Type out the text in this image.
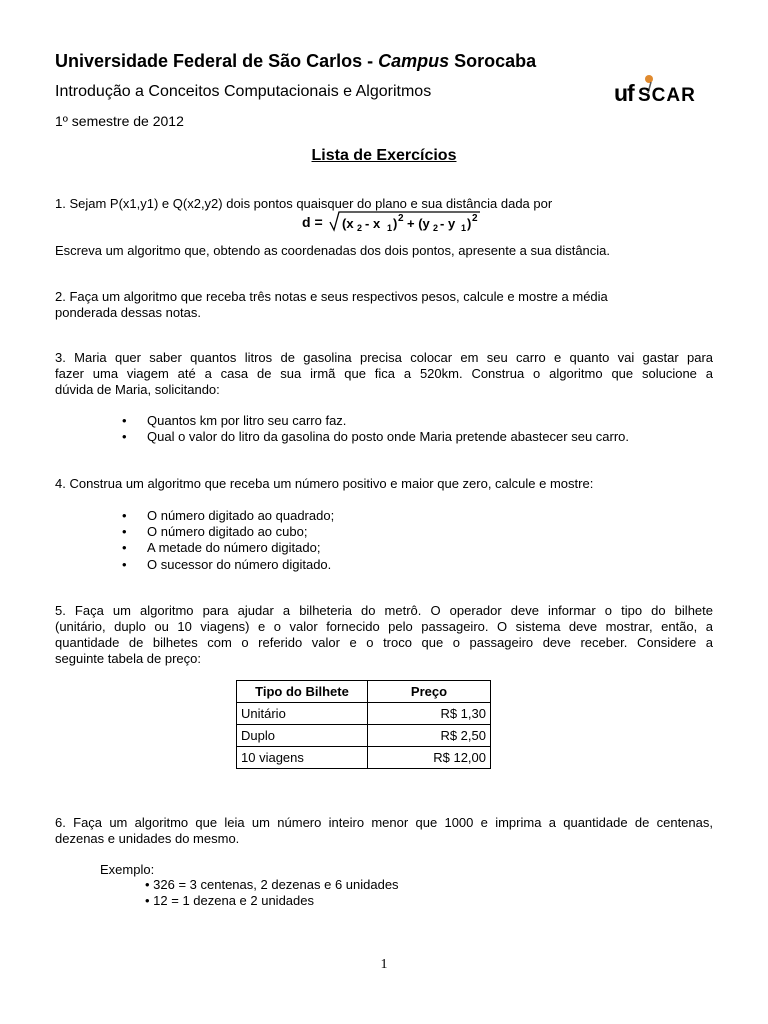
Universidade Federal de São Carlos - Campus Sorocaba
Introdução a Conceitos Computacionais e Algoritmos
1º semestre de 2012
uf SCAR
Lista de Exercícios
1. Sejam P(x1,y1) e Q(x2,y2) dois pontos quaisquer do plano e sua distância dada por
d = (x 2 - x 1 ) 2 + (y 2 - y 1 ) 2
Escreva um algoritmo que, obtendo as coordenadas dos dois pontos, apresente a sua distância.
2. Faça um algoritmo que receba três notas e seus respectivos pesos, calcule e mostre a média
ponderada dessas notas.
3. Maria quer saber quantos litros de gasolina precisa colocar em seu carro e quanto vai gastar para
fazer uma viagem até a casa de sua irmã que fica a 520km. Construa o algoritmo que solucione a
dúvida de Maria, solicitando:
• Quantos km por litro seu carro faz.
• Qual o valor do litro da gasolina do posto onde Maria pretende abastecer seu carro.
4. Construa um algoritmo que receba um número positivo e maior que zero, calcule e mostre:
• O número digitado ao quadrado;
• O número digitado ao cubo;
• A metade do número digitado;
• O sucessor do número digitado.
5. Faça um algoritmo para ajudar a bilheteria do metrô. O operador deve informar o tipo do bilhete
(unitário, duplo ou 10 viagens) e o valor fornecido pelo passageiro. O sistema deve mostrar, então, a
quantidade de bilhetes com o referido valor e o troco que o passageiro deve receber. Considere a
seguinte tabela de preço:
Tipo do Bilhete	Preço
Unitário	R$ 1,30
Duplo	R$ 2,50
10 viagens	R$ 12,00
6. Faça um algoritmo que leia um número inteiro menor que 1000 e imprima a quantidade de centenas,
dezenas e unidades do mesmo.
Exemplo:
• 326 = 3 centenas, 2 dezenas e 6 unidades
• 12 = 1 dezena e 2 unidades
1
